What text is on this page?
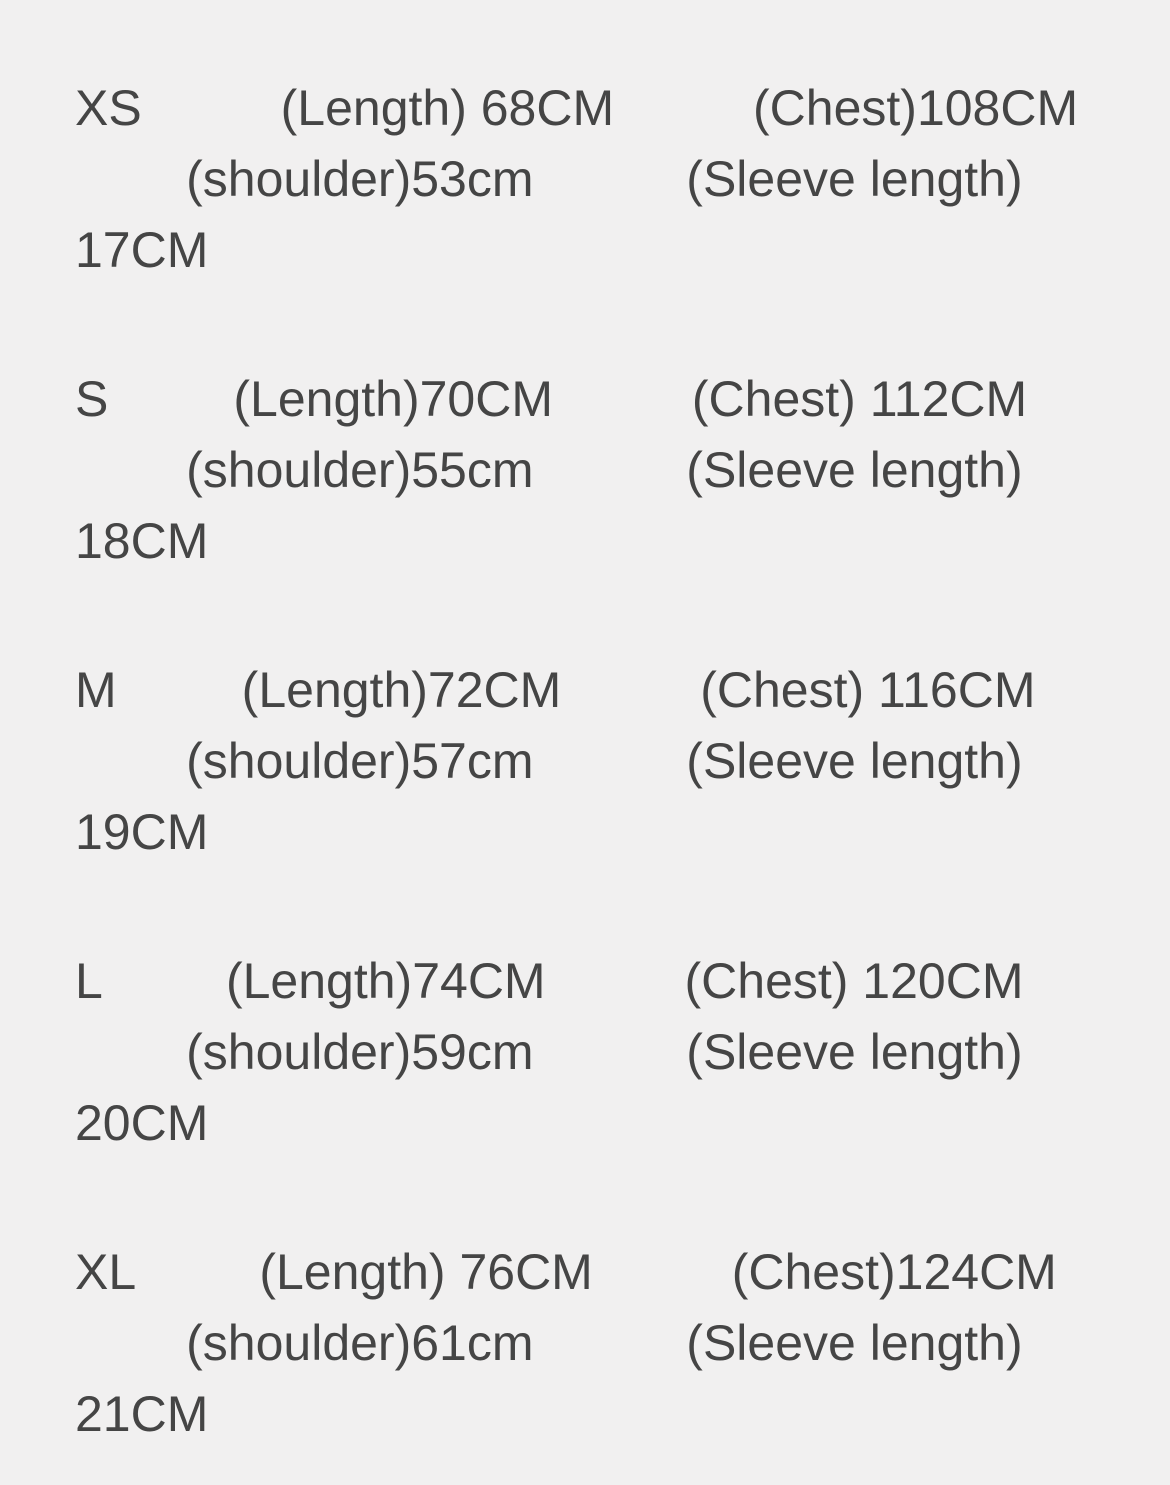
XS          (Length) 68CM          (Chest)108CM
(shoulder)53cm           (Sleeve length)
17CM
S         (Length)70CM          (Chest) 112CM
(shoulder)55cm           (Sleeve length)
18CM
M         (Length)72CM          (Chest) 116CM
(shoulder)57cm           (Sleeve length)
19CM
L         (Length)74CM          (Chest) 120CM
(shoulder)59cm           (Sleeve length)
20CM
XL         (Length) 76CM          (Chest)124CM
(shoulder)61cm           (Sleeve length)
21CM
